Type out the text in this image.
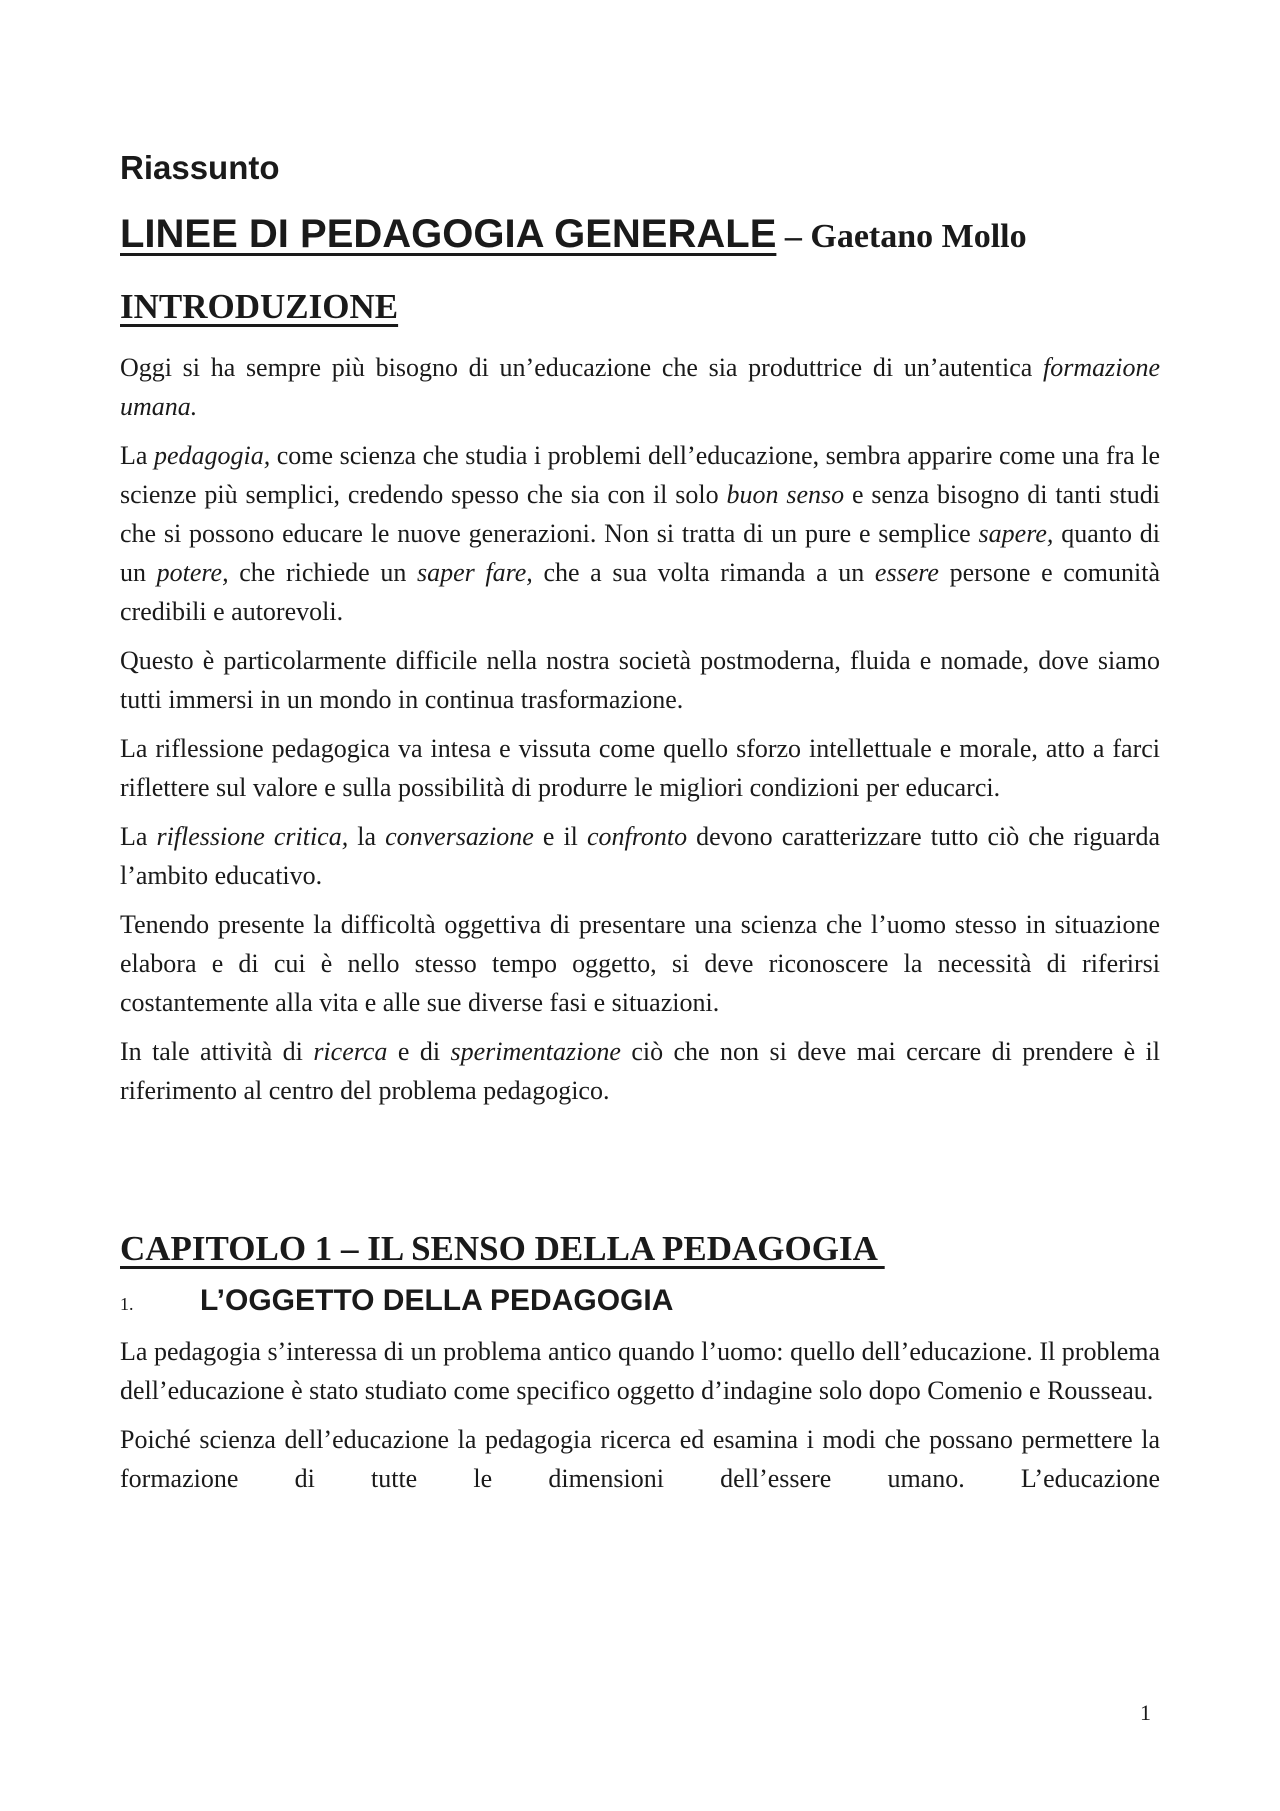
Riassunto
LINEE DI PEDAGOGIA GENERALE – Gaetano Mollo
INTRODUZIONE

Oggi si ha sempre più bisogno di un’educazione che sia produttrice di un’autentica formazione umana.

La pedagogia, come scienza che studia i problemi dell’educazione, sembra apparire come una fra le scienze più semplici, credendo spesso che sia con il solo buon senso e senza bisogno di tanti studi che si possono educare le nuove generazioni. Non si tratta di un pure e semplice sapere, quanto di un potere, che richiede un saper fare, che a sua volta rimanda a un essere persone e comunità credibili e autorevoli.

Questo è particolarmente difficile nella nostra società postmoderna, fluida e nomade, dove siamo tutti immersi in un mondo in continua trasformazione.

La riflessione pedagogica va intesa e vissuta come quello sforzo intellettuale e morale, atto a farci riflettere sul valore e sulla possibilità di produrre le migliori condizioni per educarci.

La riflessione critica, la conversazione e il confronto devono caratterizzare tutto ciò che riguarda l’ambito educativo.

Tenendo presente la difficoltà oggettiva di presentare una scienza che l’uomo stesso in situazione elabora e di cui è nello stesso tempo oggetto, si deve riconoscere la necessità di riferirsi costantemente alla vita e alle sue diverse fasi e situazioni.

In tale attività di ricerca e di sperimentazione ciò che non si deve mai cercare di prendere è il riferimento al centro del problema pedagogico.

CAPITOLO 1 – IL SENSO DELLA PEDAGOGIA
1.	L’OGGETTO DELLA PEDAGOGIA

La pedagogia s’interessa di un problema antico quando l’uomo: quello dell’educazione. Il problema dell’educazione è stato studiato come specifico oggetto d’indagine solo dopo Comenio e Rousseau.

Poiché scienza dell’educazione la pedagogia ricerca ed esamina i modi che possano permettere la formazione di tutte le dimensioni dell’essere umano. L’educazione

1
